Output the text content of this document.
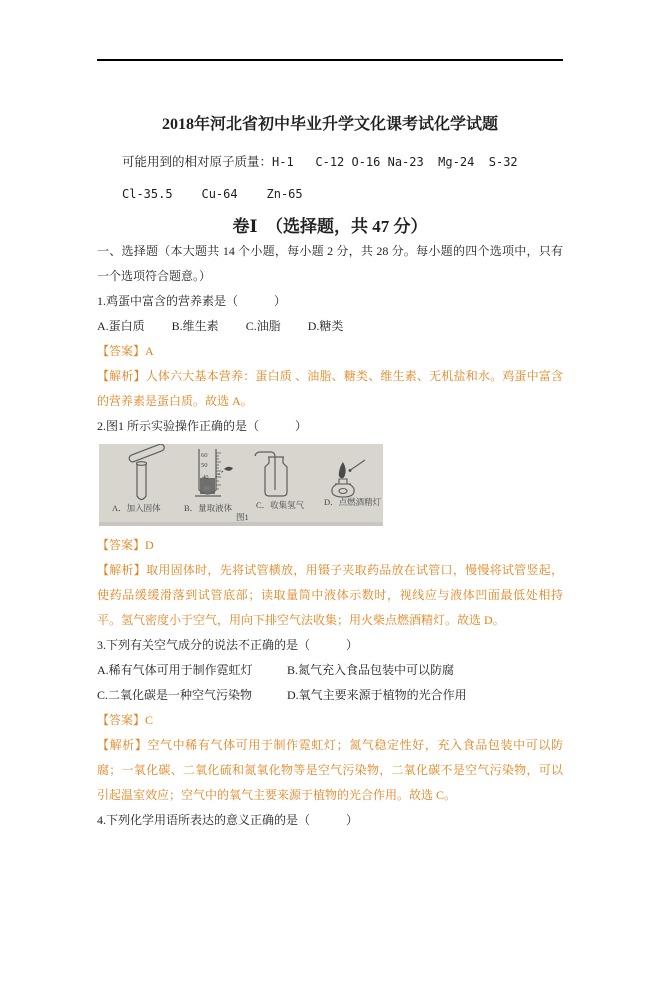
2018年河北省初中毕业升学文化课考试化学试题

可能用到的相对原子质量：H-1   C-12 O-16 Na-23  Mg-24  S-32

Cl-35.5    Cu-64    Zn-65

卷Ⅰ　（选择题，共 47 分）

一、选择题（本大题共 14 个小题，每小题 2 分，共 28 分。每小题的四个选项中，只有一个选项符合题意。）

1.鸡蛋中富含的营养素是（　　　）

A.蛋白质 B.维生素 C.油脂 D.糖类

【答案】A

【解析】人体六大基本营养：蛋白质 、油脂、糖类、维生素、无机盐和水。鸡蛋中富含的营养素是蛋白质。故选 A。

2.图1 所示实验操作正确的是（　　　）

60
50
40
30
A．加入固体	B．量取液体	C．收集氢气 D．点燃酒精灯
图1

【答案】D

【解析】取用固体时，先将试管横放，用镊子夹取药品放在试管口，慢慢将试管竖起，使药品缓缓滑落到试管底部；读取量筒中液体示数时，视线应与液体凹面最低处相持平。氢气密度小于空气，用向下排空气法收集；用火柴点燃酒精灯。故选 D。

3.下列有关空气成分的说法不正确的是（　　　）

A.稀有气体可用于制作霓虹灯	B.氮气充入食品包装中可以防腐
C.二氧化碳是一种空气污染物	D.氧气主要来源于植物的光合作用

【答案】C

【解析】空气中稀有气体可用于制作霓虹灯；氮气稳定性好，充入食品包装中可以防腐；一氧化碳、二氧化硫和氮氧化物等是空气污染物，二氧化碳不是空气污染物，可以引起温室效应；空气中的氧气主要来源于植物的光合作用。故选 C。

4.下列化学用语所表达的意义正确的是（　　　）
